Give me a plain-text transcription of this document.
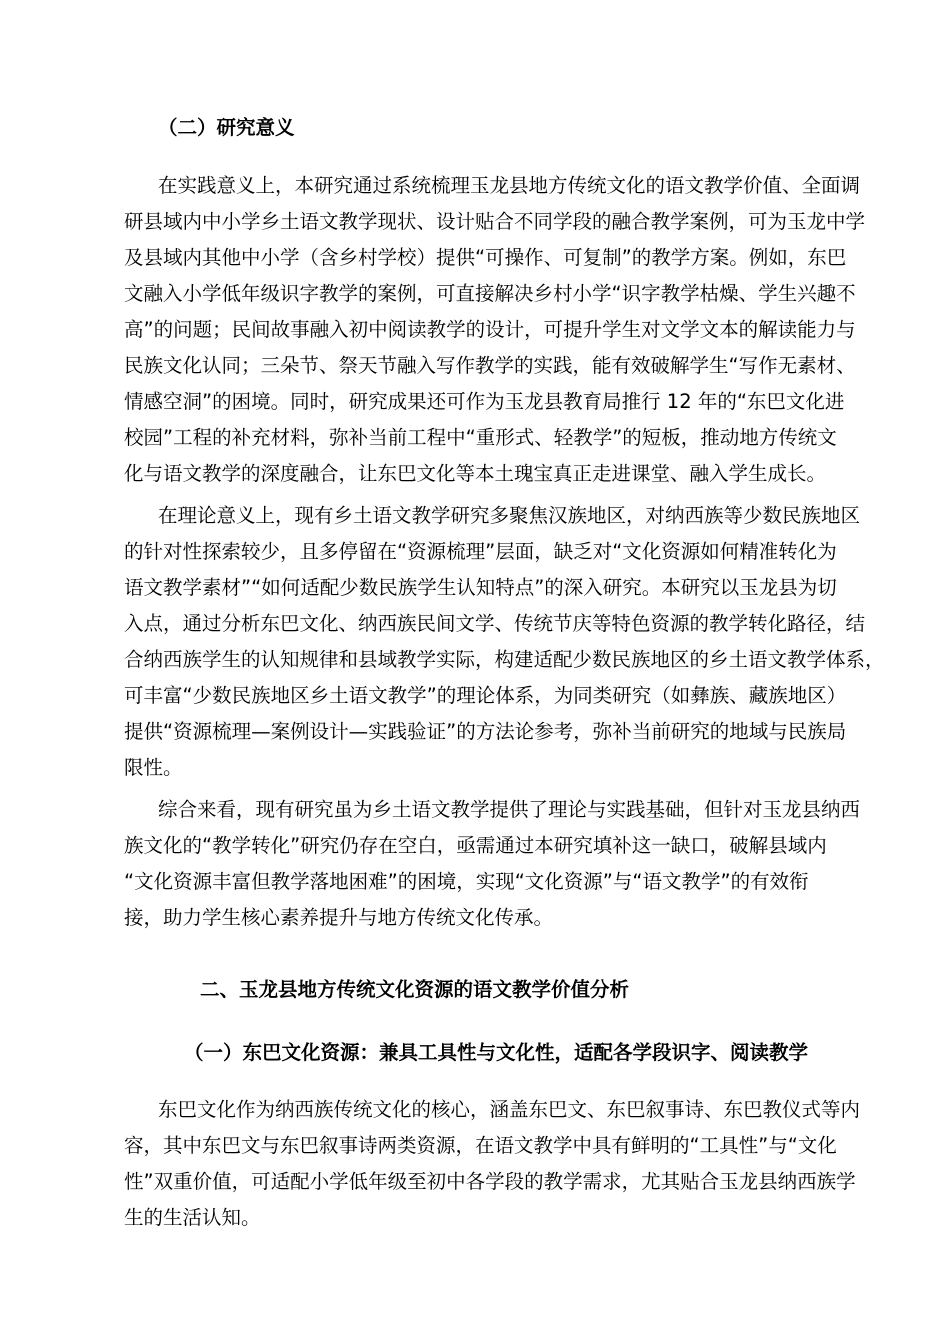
（二）研究意义
在实践意义上，本研究通过系统梳理玉龙县地方传统文化的语文教学价值、全面调
研县域内中小学乡土语文教学现状、设计贴合不同学段的融合教学案例，可为玉龙中学
及县域内其他中小学（含乡村学校）提供“可操作、可复制”的教学方案。例如，东巴
文融入小学低年级识字教学的案例，可直接解决乡村小学“识字教学枯燥、学生兴趣不
高”的问题；民间故事融入初中阅读教学的设计，可提升学生对文学文本的解读能力与
民族文化认同；三朵节、祭天节融入写作教学的实践，能有效破解学生“写作无素材、
情感空洞”的困境。同时，研究成果还可作为玉龙县教育局推行 12 年的“东巴文化进
校园”工程的补充材料，弥补当前工程中“重形式、轻教学”的短板，推动地方传统文
化与语文教学的深度融合，让东巴文化等本土瑰宝真正走进课堂、融入学生成长。
在理论意义上，现有乡土语文教学研究多聚焦汉族地区，对纳西族等少数民族地区
的针对性探索较少，且多停留在“资源梳理”层面，缺乏对“文化资源如何精准转化为
语文教学素材”“如何适配少数民族学生认知特点”的深入研究。本研究以玉龙县为切
入点，通过分析东巴文化、纳西族民间文学、传统节庆等特色资源的教学转化路径，结
合纳西族学生的认知规律和县域教学实际，构建适配少数民族地区的乡土语文教学体系，
可丰富“少数民族地区乡土语文教学”的理论体系，为同类研究（如彝族、藏族地区）
提供“资源梳理—案例设计—实践验证”的方法论参考，弥补当前研究的地域与民族局
限性。
综合来看，现有研究虽为乡土语文教学提供了理论与实践基础，但针对玉龙县纳西
族文化的“教学转化”研究仍存在空白，亟需通过本研究填补这一缺口，破解县域内
“文化资源丰富但教学落地困难”的困境，实现“文化资源”与“语文教学”的有效衔
接，助力学生核心素养提升与地方传统文化传承。
二、玉龙县地方传统文化资源的语文教学价值分析
（一）东巴文化资源：兼具工具性与文化性，适配各学段识字、阅读教学
东巴文化作为纳西族传统文化的核心，涵盖东巴文、东巴叙事诗、东巴教仪式等内
容，其中东巴文与东巴叙事诗两类资源，在语文教学中具有鲜明的“工具性”与“文化
性”双重价值，可适配小学低年级至初中各学段的教学需求，尤其贴合玉龙县纳西族学
生的生活认知。
